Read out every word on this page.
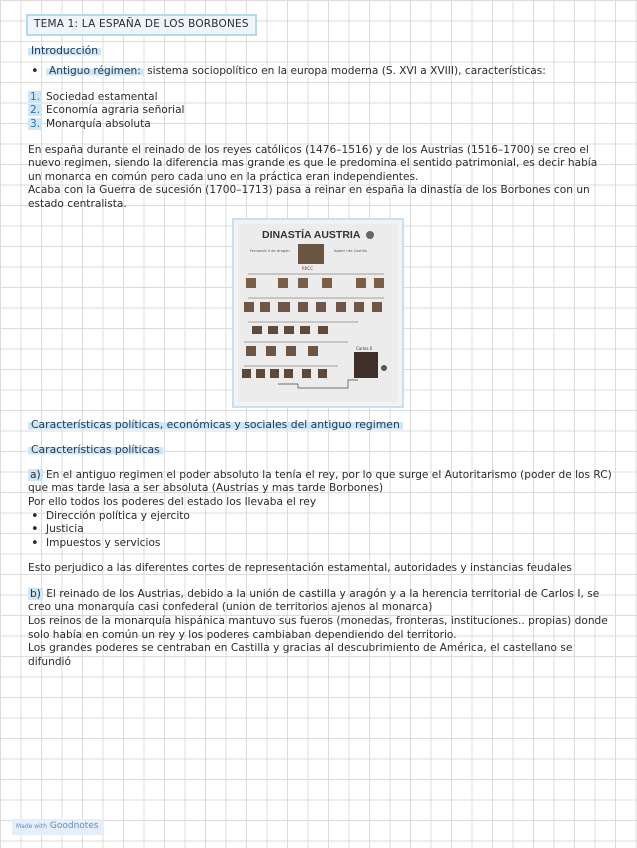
TEMA 1: LA ESPAÑA DE LOS BORBONES

Introducción

• Antiguo régimen: sistema sociopolítico en la europa moderna (S. XVI a XVIII), características:
1. Sociedad estamental
2. Economía agraria señorial
3. Monarquía absoluta

En españa durante el reinado de los reyes católicos (1476–1516) y de los Austrias (1516–1700) se creo el nuevo regimen, siendo la diferencia mas grande es que le predomina el sentido patrimonial, es decir había un monarca en común pero cada uno en la práctica eran independientes.

Acaba con la Guerra de sucesión (1700–1713) pasa a reinar en españa la dinastía de los Borbones con un estado centralista.

DINASTÍA AUSTRIA
Fernando II de Aragón	Isabel I de Castilla
RRCC
Carlos II

Características políticas, económicas y sociales del antiguo regimen

Características políticas

a) En el antiguo regimen el poder absoluto la tenía el rey, por lo que surge el Autoritarismo (poder de los RC) que mas tarde lasa a ser absoluta (Austrias y mas tarde Borbones)

Por ello todos los poderes del estado los llevaba el rey

• Dirección política y ejercito
• Justicia
• Impuestos y servicios

Esto perjudico a las diferentes cortes de representación estamental, autoridades y instancias feudales

b) El reinado de los Austrias, debido a la unión de castilla y aragón y a la herencia territorial de Carlos I, se creo una monarquía casi confederal (union de territorios ajenos al monarca)

Los reinos de la monarquía hispánica mantuvo sus fueros (monedas, fronteras, instituciones.. propias) donde solo había en común un rey y los poderes cambiaban dependiendo del territorio.

Los grandes poderes se centraban en Castilla y gracias al descubrimiento de América, el castellano se difundió

Made with Goodnotes
